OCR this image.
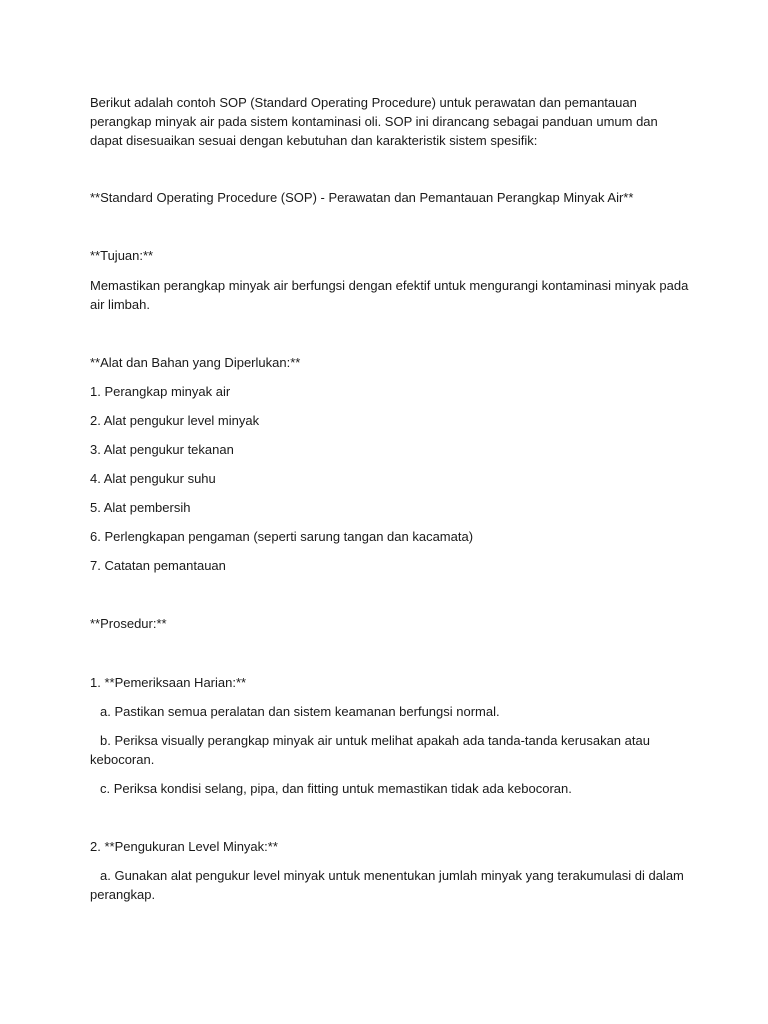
Berikut adalah contoh SOP (Standard Operating Procedure) untuk perawatan dan pemantauan perangkap minyak air pada sistem kontaminasi oli. SOP ini dirancang sebagai panduan umum dan dapat disesuaikan sesuai dengan kebutuhan dan karakteristik sistem spesifik:

**Standard Operating Procedure (SOP) - Perawatan dan Pemantauan Perangkap Minyak Air**

**Tujuan:**

Memastikan perangkap minyak air berfungsi dengan efektif untuk mengurangi kontaminasi minyak pada air limbah.

**Alat dan Bahan yang Diperlukan:**

1. Perangkap minyak air

2. Alat pengukur level minyak

3. Alat pengukur tekanan

4. Alat pengukur suhu

5. Alat pembersih

6. Perlengkapan pengaman (seperti sarung tangan dan kacamata)

7. Catatan pemantauan

**Prosedur:**

1. **Pemeriksaan Harian:**

a. Pastikan semua peralatan dan sistem keamanan berfungsi normal.

b. Periksa visually perangkap minyak air untuk melihat apakah ada tanda-tanda kerusakan atau kebocoran.

c. Periksa kondisi selang, pipa, dan fitting untuk memastikan tidak ada kebocoran.

2. **Pengukuran Level Minyak:**

a. Gunakan alat pengukur level minyak untuk menentukan jumlah minyak yang terakumulasi di dalam perangkap.
